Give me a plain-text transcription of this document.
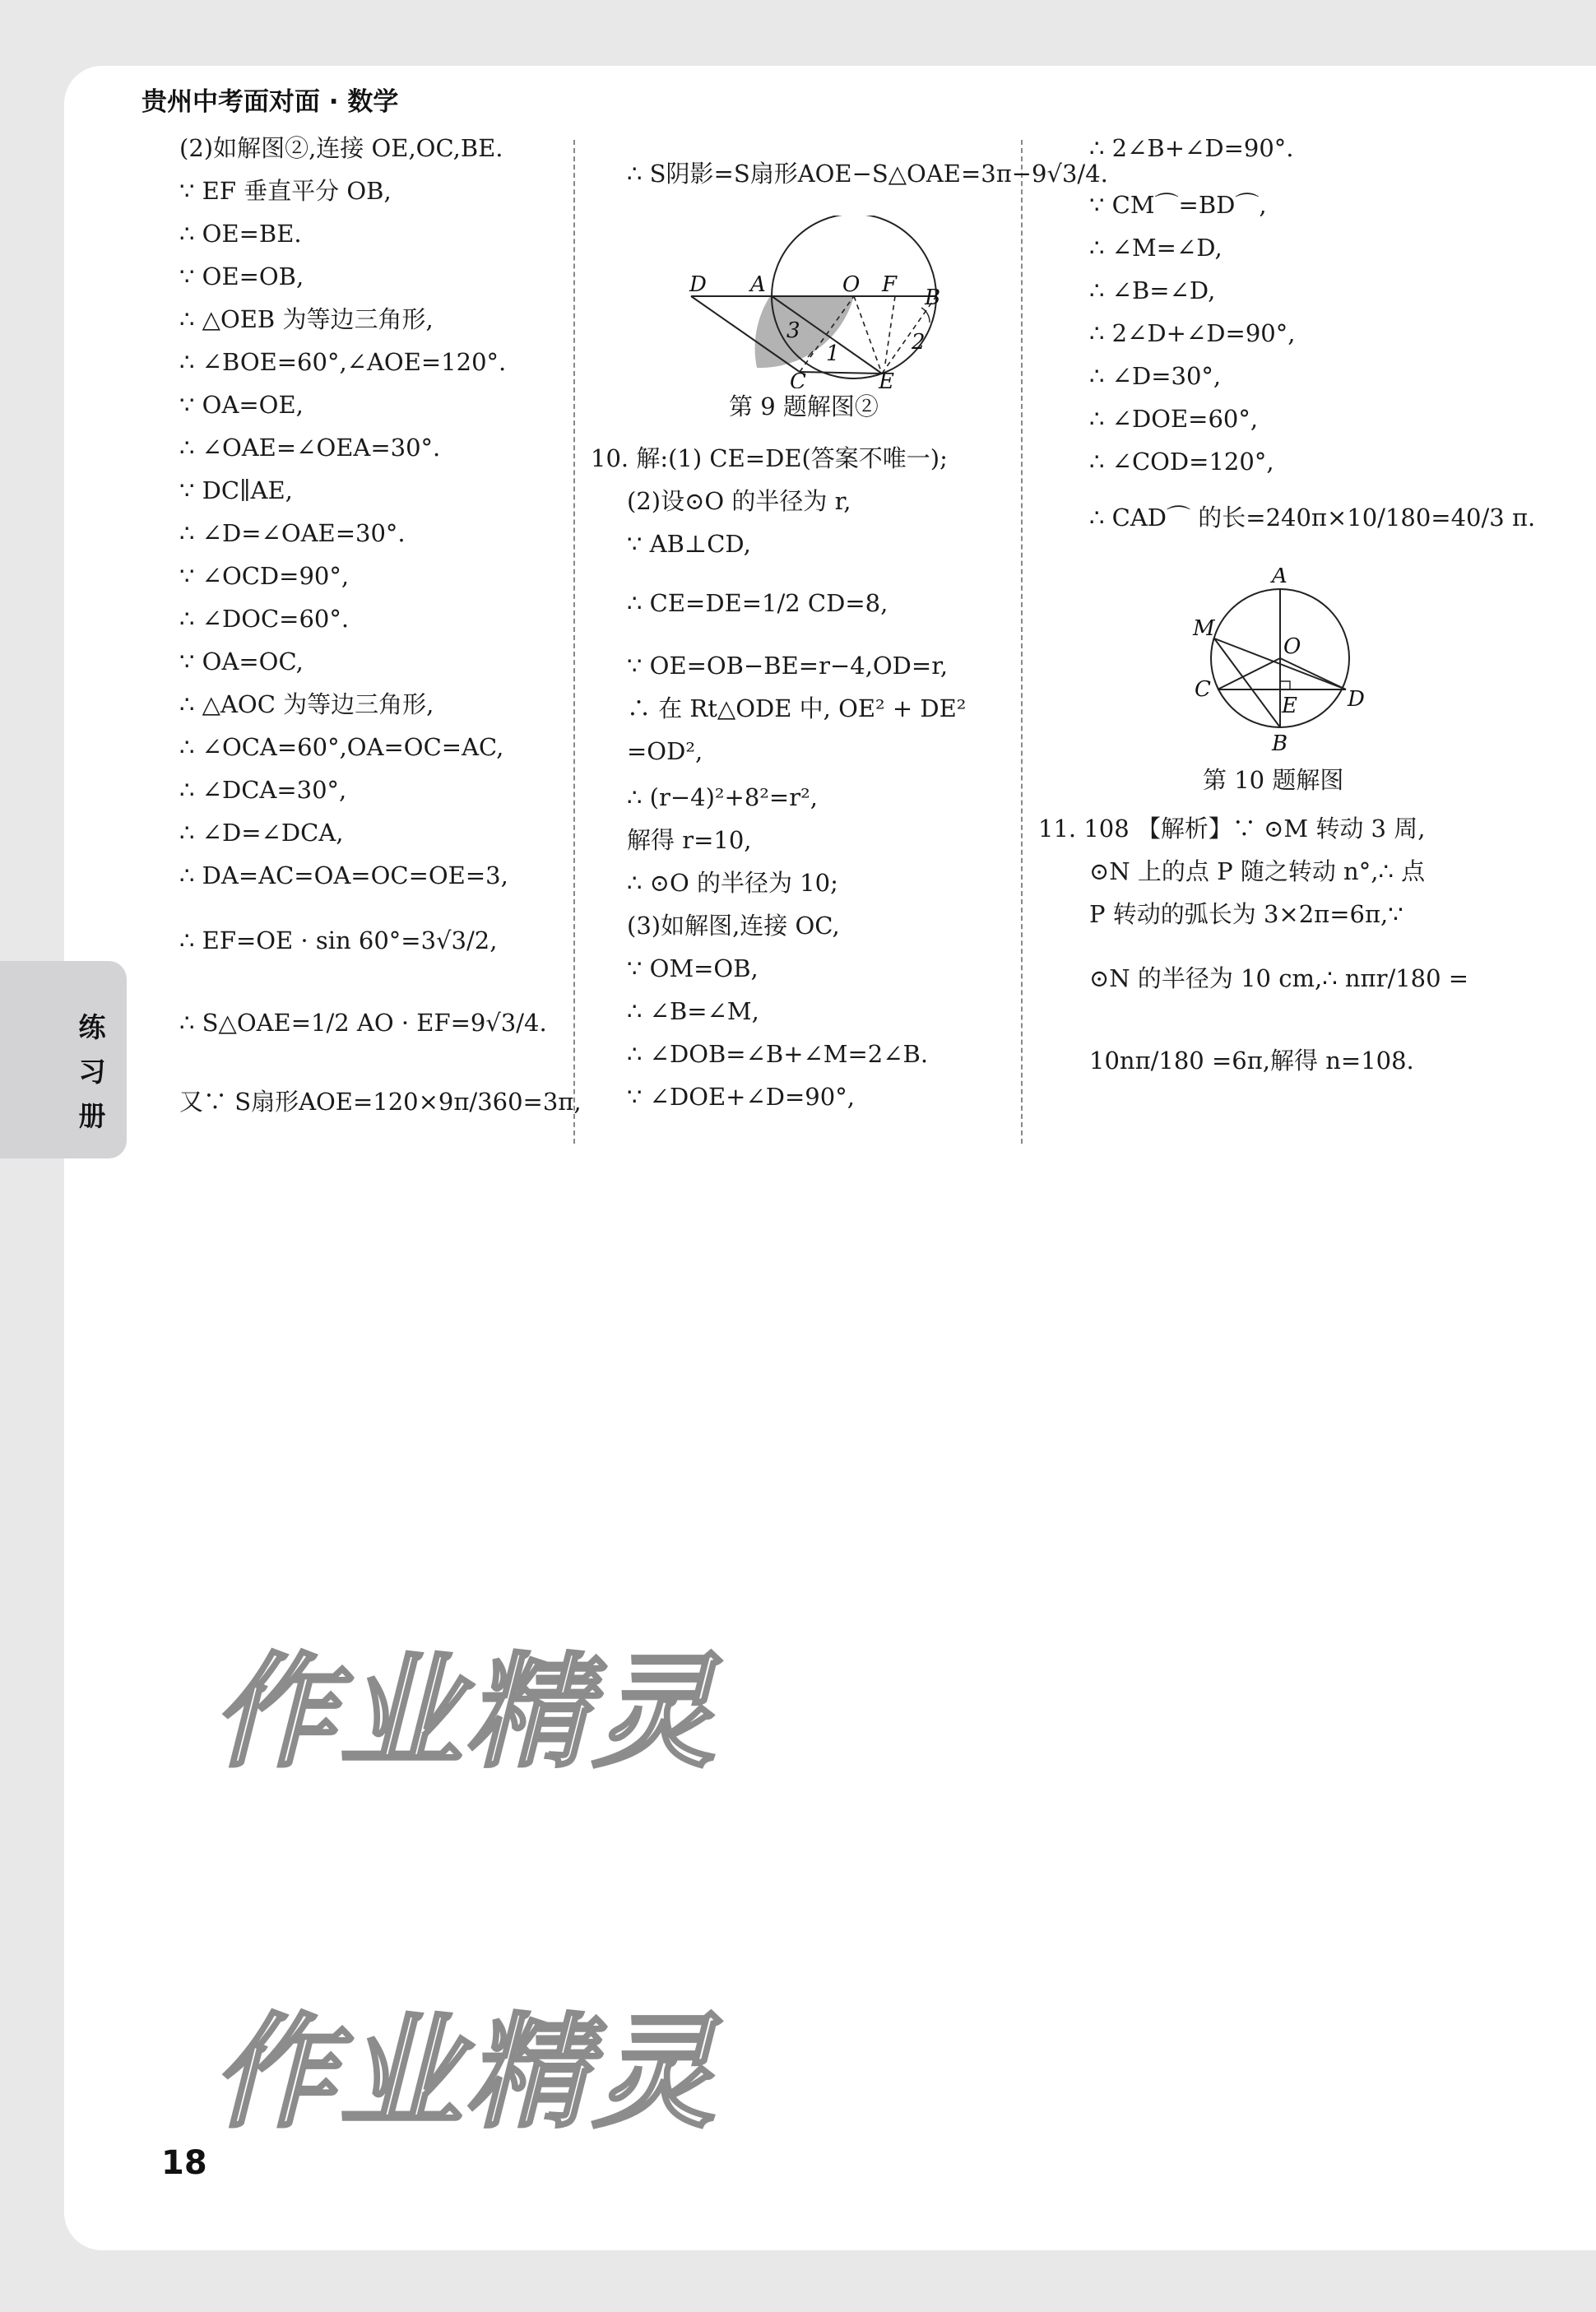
贵州中考面对面 · 数学
练
习
册
(2)如解图②,连接 OE,OC,BE.
∵ EF 垂直平分 OB,
∴ OE=BE.
∵ OE=OB,
∴ △OEB 为等边三角形,
∴ ∠BOE=60°,∠AOE=120°.
∵ OA=OE,
∴ ∠OAE=∠OEA=30°.
∵ DC∥AE,
∴ ∠D=∠OAE=30°.
∵ ∠OCD=90°,
∴ ∠DOC=60°.
∵ OA=OC,
∴ △AOC 为等边三角形,
∴ ∠OCA=60°,OA=OC=AC,
∴ ∠DCA=30°,
∴ ∠D=∠DCA,
∴ DA=AC=OA=OC=OE=3,
∴ EF=OE · sin 60°=3√3/2,
∴ S△OAE=1/2 AO · EF=9√3/4.
又∵ S扇形AOE=120×9π/360=3π,
∴ S阴影=S扇形AOE−S△OAE=3π−9√3/4.
10. 解:(1) CE=DE(答案不唯一);
(2)设⊙O 的半径为 r,
∵ AB⊥CD,
∴ CE=DE=1/2 CD=8,
∵ OE=OB−BE=r−4,OD=r,
∴ 在 Rt△ODE 中, OE² + DE²
=OD²,
∴ (r−4)²+8²=r²,
解得 r=10,
∴ ⊙O 的半径为 10;
(3)如解图,连接 OC,
∵ OM=OB,
∴ ∠B=∠M,
∴ ∠DOB=∠B+∠M=2∠B.
∵ ∠DOE+∠D=90°,
D A	O F
B
3
1	2
C	E
第 9 题解图②
∴ 2∠B+∠D=90°.
∵ CM⌒=BD⌒,
∴ ∠M=∠D,
∴ ∠B=∠D,
∴ 2∠D+∠D=90°,
∴ ∠D=30°,
∴ ∠DOE=60°,
∴ ∠COD=120°,
∴ CAD⌒ 的长=240π×10/180=40/3 π.
11. 108 【解析】∵ ⊙M 转动 3 周,
⊙N 上的点 P 随之转动 n°,∴ 点
P 转动的弧长为 3×2π=6π,∵
⊙N 的半径为 10 cm,∴ nπr/180 =
10nπ/180 =6π,解得 n=108.
A
M
O
C
E D
B
第 10 题解图
作业精灵
作业精灵
18
